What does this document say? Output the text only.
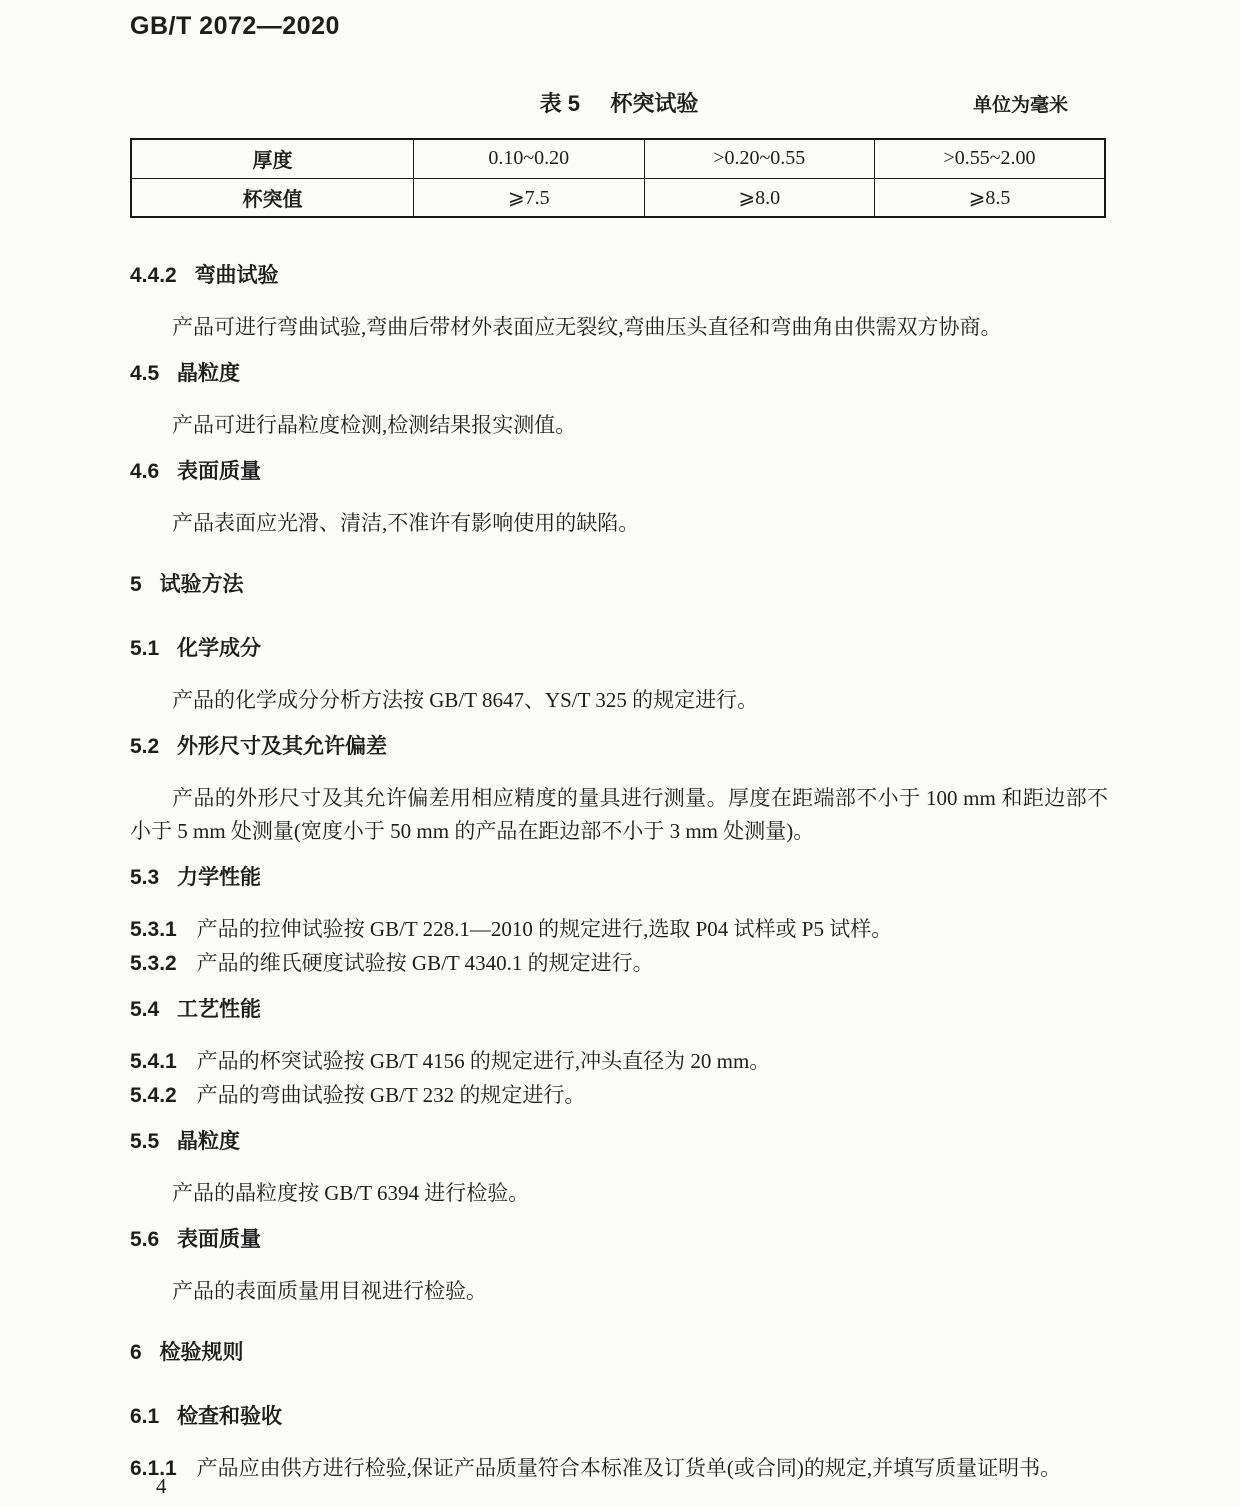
GB/T 2072—2020
表 5 杯突试验	单位为毫米
厚度	0.10~0.20	>0.20~0.55	>0.55~2.00
杯突值	⩾7.5	⩾8.0	⩾8.5
4.4.2 弯曲试验

产品可进行弯曲试验,弯曲后带材外表面应无裂纹,弯曲压头直径和弯曲角由供需双方协商。

4.5 晶粒度

产品可进行晶粒度检测,检测结果报实测值。

4.6 表面质量

产品表面应光滑、清洁,不准许有影响使用的缺陷。

5 试验方法
5.1 化学成分

产品的化学成分分析方法按 GB/T 8647、YS/T 325 的规定进行。

5.2 外形尺寸及其允许偏差

产品的外形尺寸及其允许偏差用相应精度的量具进行测量。厚度在距端部不小于 100 mm 和距边部不小于 5 mm 处测量(宽度小于 50 mm 的产品在距边部不小于 3 mm 处测量)。

5.3 力学性能

5.3.1 产品的拉伸试验按 GB/T 228.1—2010 的规定进行,选取 P04 试样或 P5 试样。

5.3.2 产品的维氏硬度试验按 GB/T 4340.1 的规定进行。

5.4 工艺性能

5.4.1 产品的杯突试验按 GB/T 4156 的规定进行,冲头直径为 20 mm。

5.4.2 产品的弯曲试验按 GB/T 232 的规定进行。

5.5 晶粒度

产品的晶粒度按 GB/T 6394 进行检验。

5.6 表面质量

产品的表面质量用目视进行检验。

6 检验规则
6.1 检查和验收

6.1.1 产品应由供方进行检验,保证产品质量符合本标准及订货单(或合同)的规定,并填写质量证明书。

4
